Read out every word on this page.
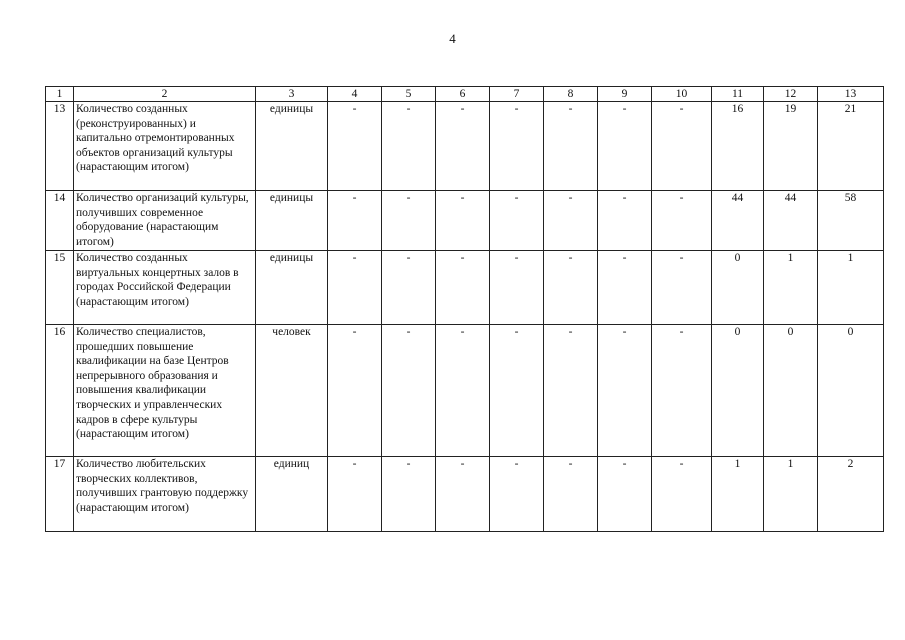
4
1	2	3	4	5	6	7	8	9	10	11	12	13
13	Количество созданных (реконструированных) и капитально отремонтированных объектов организаций культуры (нарастающим итогом)	единицы	-	-	-	-	-	-	-	16	19	21
14	Количество организаций культуры, получивших современное оборудование (нарастающим итогом)	единицы	-	-	-	-	-	-	-	44	44	58
15	Количество созданных виртуальных концертных залов в городах Российской Федерации (нарастающим итогом)	единицы	-	-	-	-	-	-	-	0	1	1
16	Количество специалистов, прошедших повышение квалификации на базе Центров непрерывного образования и повышения квалификации творческих и управленческих кадров в сфере культуры (нарастающим итогом)	человек	-	-	-	-	-	-	-	0	0	0
17	Количество любительских творческих коллективов, получивших грантовую поддержку (нарастающим итогом)	единиц	-	-	-	-	-	-	-	1	1	2
